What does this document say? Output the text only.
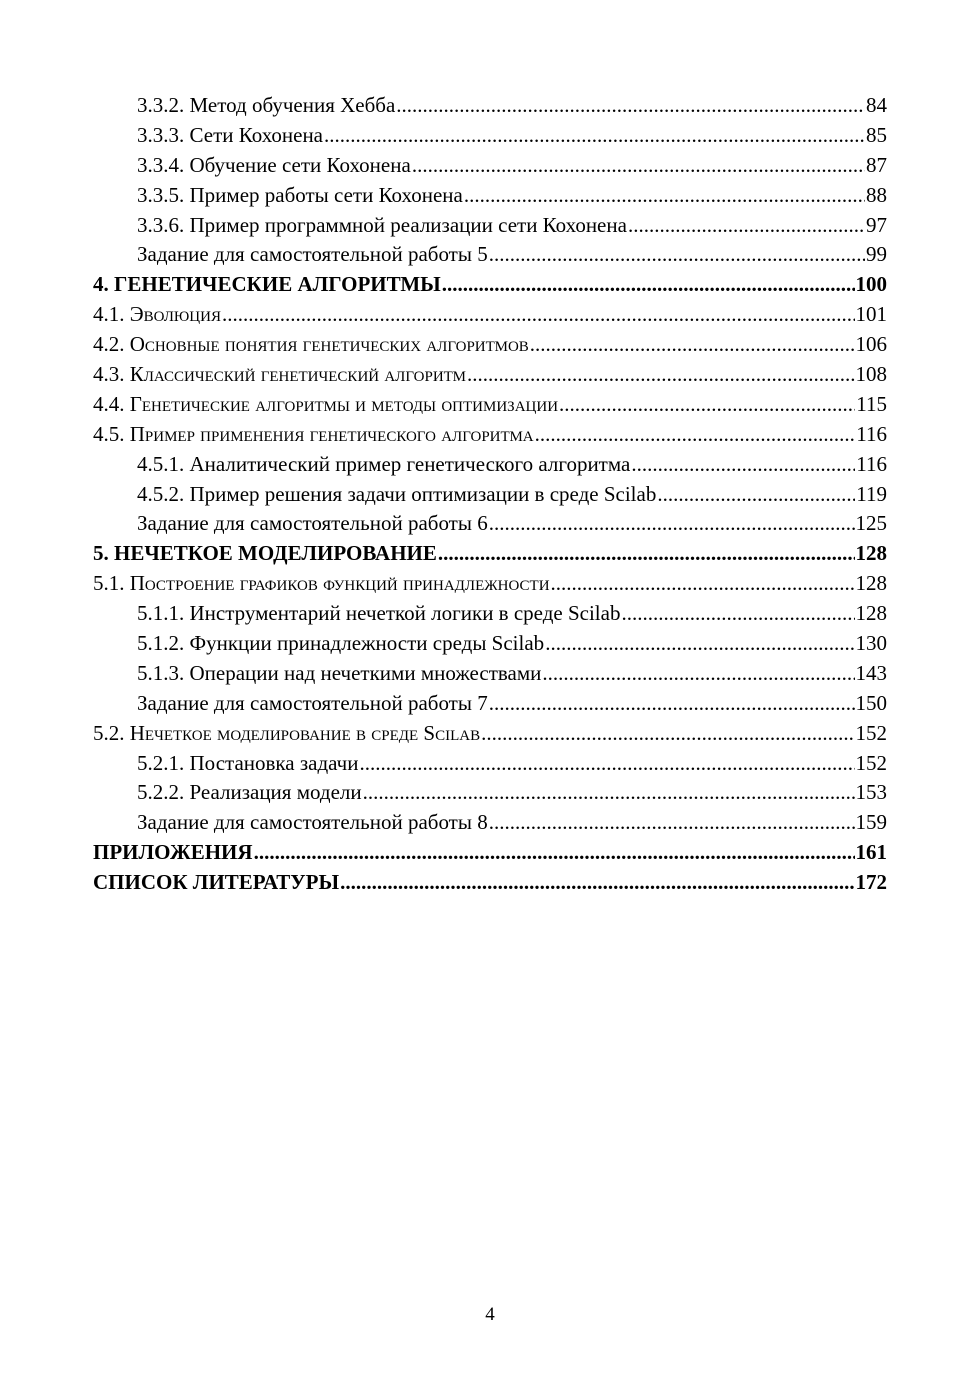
3.3.2. Метод обучения Хебба .....	84
3.3.3. Сети Кохонена .....	85
3.3.4. Обучение сети Кохонена .....	87
3.3.5. Пример работы сети Кохонена .....	88
3.3.6. Пример программной реализации сети Кохонена .....	97
Задание для самостоятельной работы 5 .....	99
4. ГЕНЕТИЧЕСКИЕ АЛГОРИТМЫ .....	100
4.1. Эволюция .....	101
4.2. Основные понятия генетических алгоритмов .....	106
4.3. Классический генетический алгоритм .....	108
4.4. Генетические алгоритмы и методы оптимизации .....	115
4.5. Пример применения генетического алгоритма .....	116
4.5.1. Аналитический пример генетического алгоритма .....	116
4.5.2. Пример решения задачи оптимизации в среде Scilab .....	119
Задание для самостоятельной работы 6 .....	125
5. НЕЧЕТКОЕ МОДЕЛИРОВАНИЕ .....	128
5.1. Построение графиков функций принадлежности .....	128
5.1.1. Инструментарий нечеткой логики в среде Scilab .....	128
5.1.2. Функции принадлежности среды Scilab .....	130
5.1.3. Операции над нечеткими множествами .....	143
Задание для самостоятельной работы 7 .....	150
5.2. Нечеткое моделирование в среде Scilab .....	152
5.2.1. Постановка задачи .....	152
5.2.2. Реализация модели .....	153
Задание для самостоятельной работы 8 .....	159
ПРИЛОЖЕНИЯ .....	161
СПИСОК ЛИТЕРАТУРЫ .....	172
4
